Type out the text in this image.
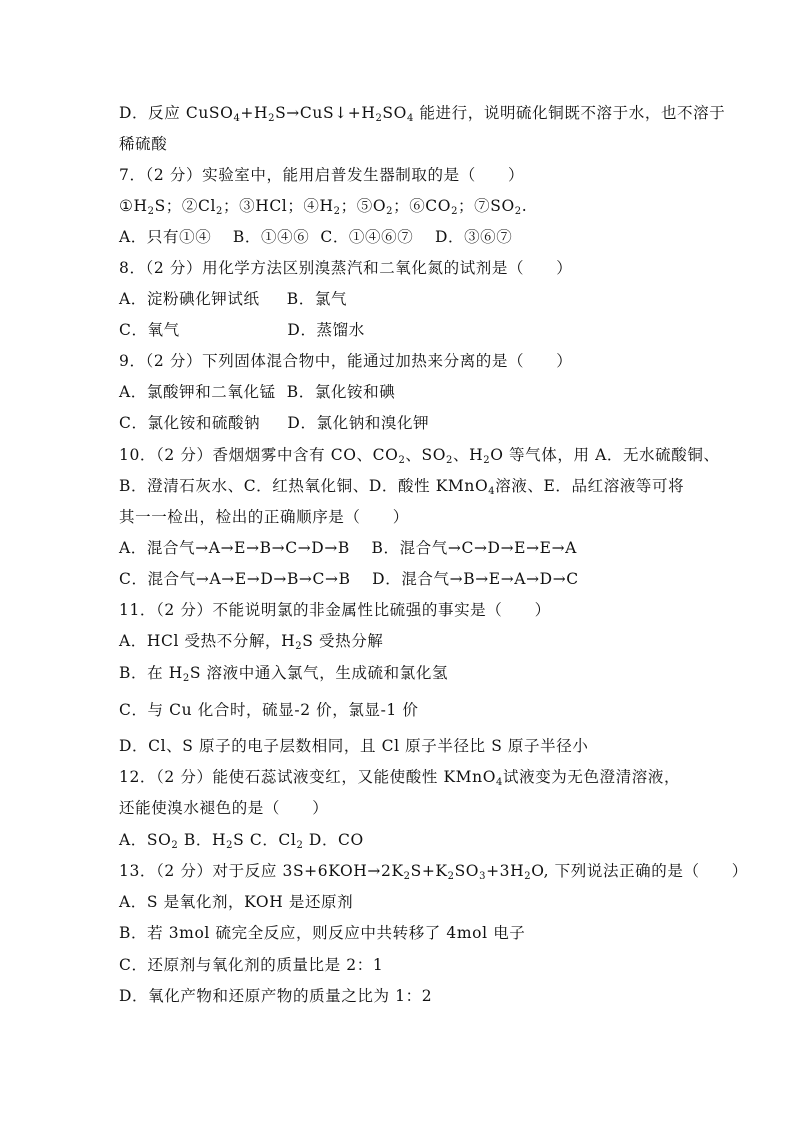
D．反应 $CuSO_4+H_2S\to CuS↓+H_2SO_4$ 能进行，说明硫化铜既不溶于水，也不溶于
稀硫酸
7．（2 分）实验室中，能用启普发生器制取的是（　　）
$①H_2S$；$②Cl_2$；③HCl；$④H_2$；$⑤O_2$；$⑥CO_2$；$⑦SO_2$.
A．只有①④　 B．①④⑥  C．①④⑥⑦　 D．③⑥⑦
8．（2 分）用化学方法区别溴蒸汽和二氧化氮的试剂是（　　）
A．淀粉碘化钾试纸　  B．氯气
C．氧气　　　　　　  D．蒸馏水
9．（2 分）下列固体混合物中，能通过加热来分离的是（　　）
A．氯酸钾和二氧化锰  B．氯化铵和碘
C．氯化铵和硫酸钠　  D．氯化钠和溴化钾
10．（2 分）香烟烟雾中含有 CO、$CO_2$、$SO_2$、$H_2O$ 等气体，用 A．无水硫酸铜、
B．澄清石灰水、C．红热氧化铜、D．酸性 KMnO$_4$溶液、E．品红溶液等可将
其一一检出，检出的正确顺序是（　　）
A．混合气→A→E→B→C→D→B　 B．混合气→C→D→E→E→A
C．混合气→A→E→D→B→C→B　 D．混合气→B→E→A→D→C
11．（2 分）不能说明氯的非金属性比硫强的事实是（　　）
A．HCl 受热不分解，$H_2S$ 受热分解
B．在 $H_2S$ 溶液中通入氯气，生成硫和氯化氢
C．与 Cu 化合时，硫显-2 价，氯显-1 价
D．Cl、S 原子的电子层数相同，且 Cl 原子半径比 S 原子半径小
12．（2 分）能使石蕊试液变红，又能使酸性 KMnO$_4$试液变为无色澄清溶液，
还能使溴水褪色的是（　　）
A．$SO_2$ B．$H_2S$ C．$Cl_2$ D．CO
13．（2 分）对于反应 $3S+6KOH\to 2K_2S+K_2SO_3+3H_2O$, 下列说法正确的是（　　）
A．S 是氧化剂，KOH 是还原剂
B．若 3mol 硫完全反应，则反应中共转移了 4mol 电子
C．还原剂与氧化剂的质量比是 2：1
D．氧化产物和还原产物的质量之比为 1：2
